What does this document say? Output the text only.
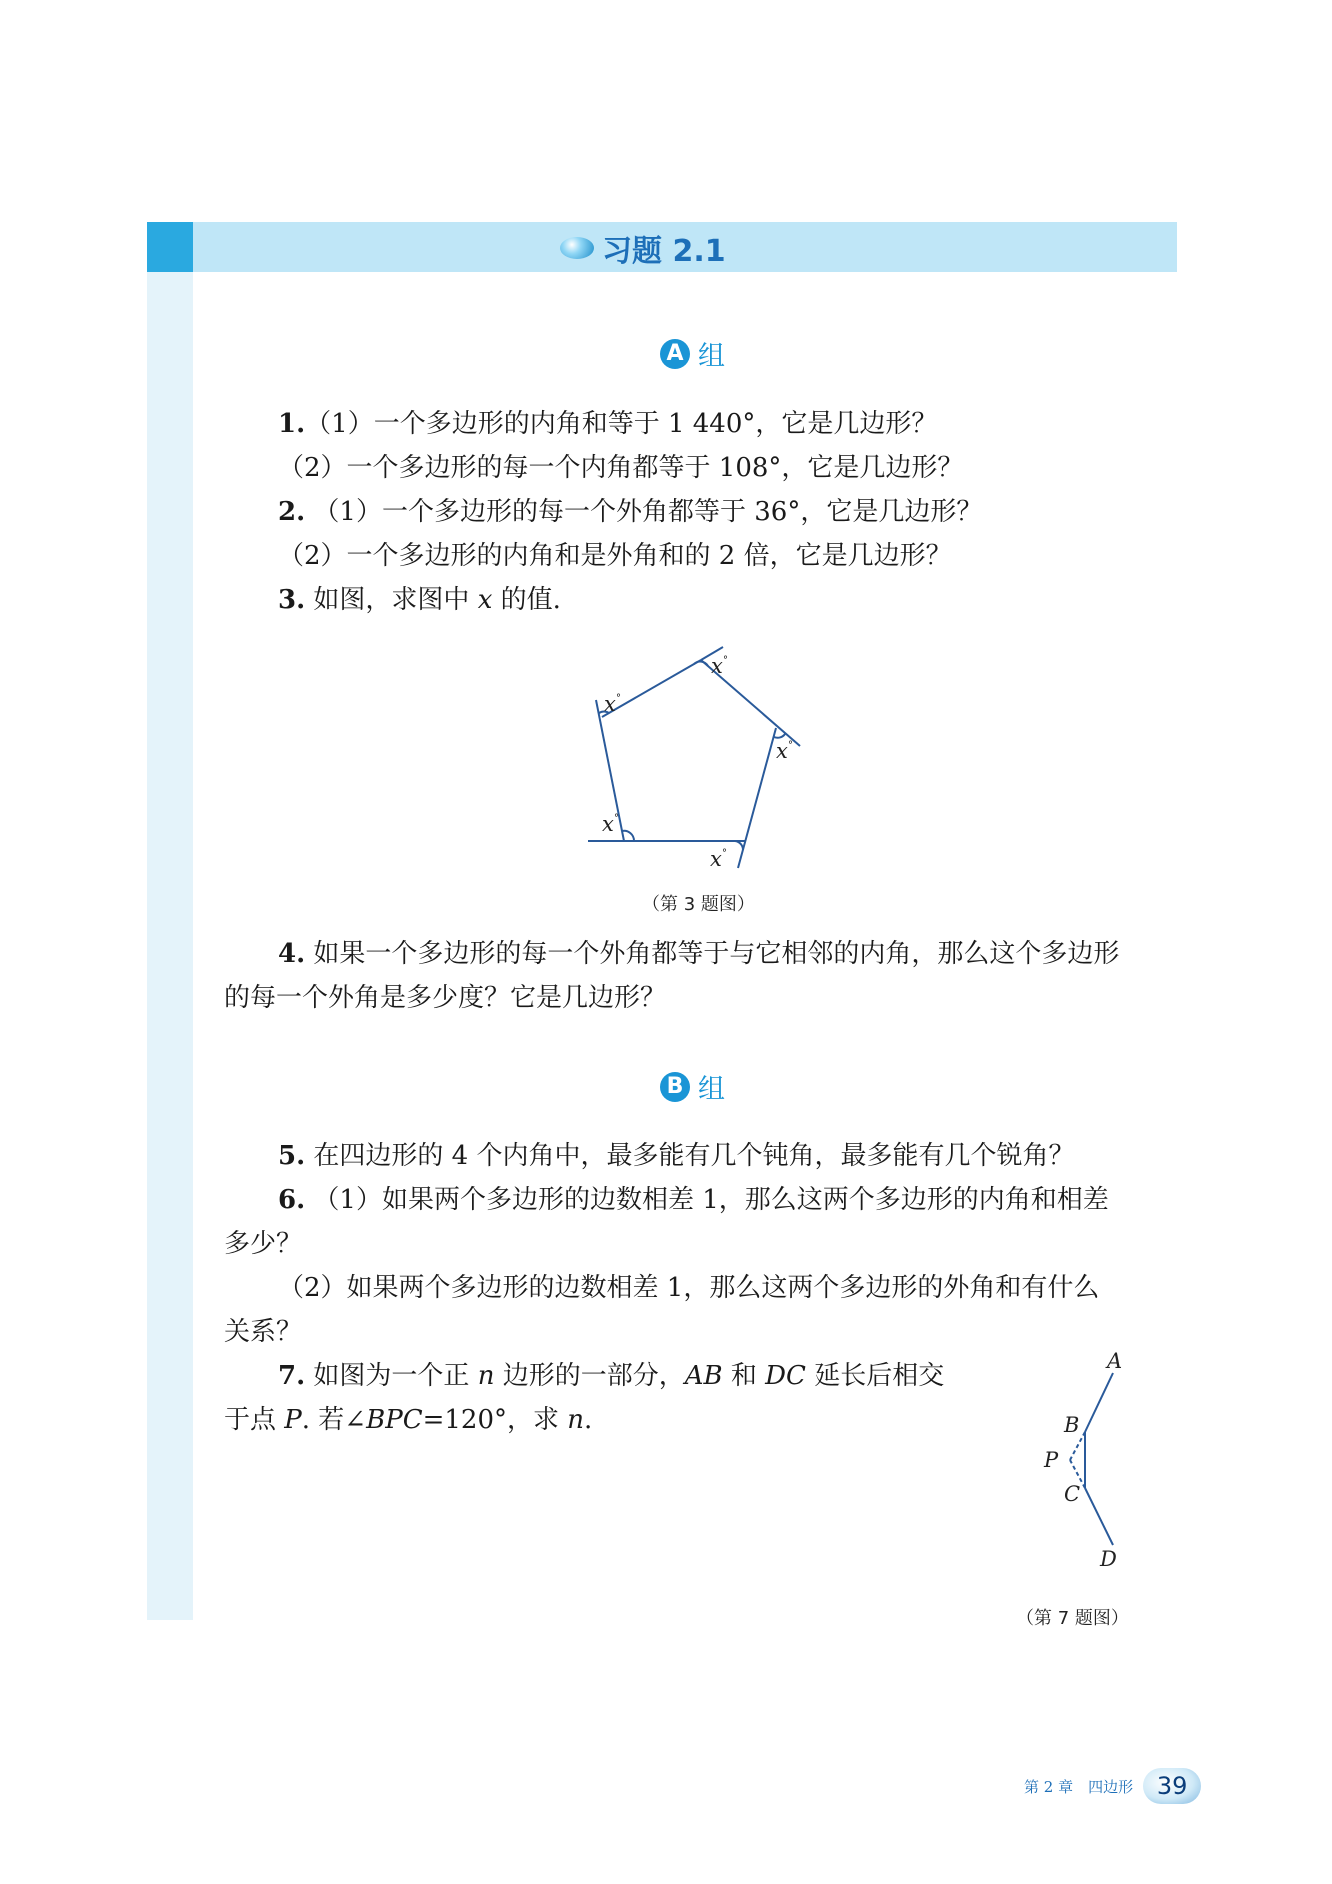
习题 2.1
A 组
1.（1）一个多边形的内角和等于 1 440°，它是几边形？
（2）一个多边形的每一个内角都等于 108°，它是几边形？
2. （1）一个多边形的每一个外角都等于 36°，它是几边形？
（2）一个多边形的内角和是外角和的 2 倍，它是几边形？
3. 如图，求图中 x 的值.
x °
x °
x °
x °
x °
（第 3 题图）
4. 如果一个多边形的每一个外角都等于与它相邻的内角，那么这个多边形
的每一个外角是多少度？它是几边形？
B 组
5. 在四边形的 4 个内角中，最多能有几个钝角，最多能有几个锐角？
6. （1）如果两个多边形的边数相差 1，那么这两个多边形的内角和相差
多少？
（2）如果两个多边形的边数相差 1，那么这两个多边形的外角和有什么
关系？
7. 如图为一个正 n 边形的一部分，AB 和 DC 延长后相交
于点 P. 若∠BPC=120°，求 n.
A
B
P
C
D
（第 7 题图）
第 2 章　四边形 39
